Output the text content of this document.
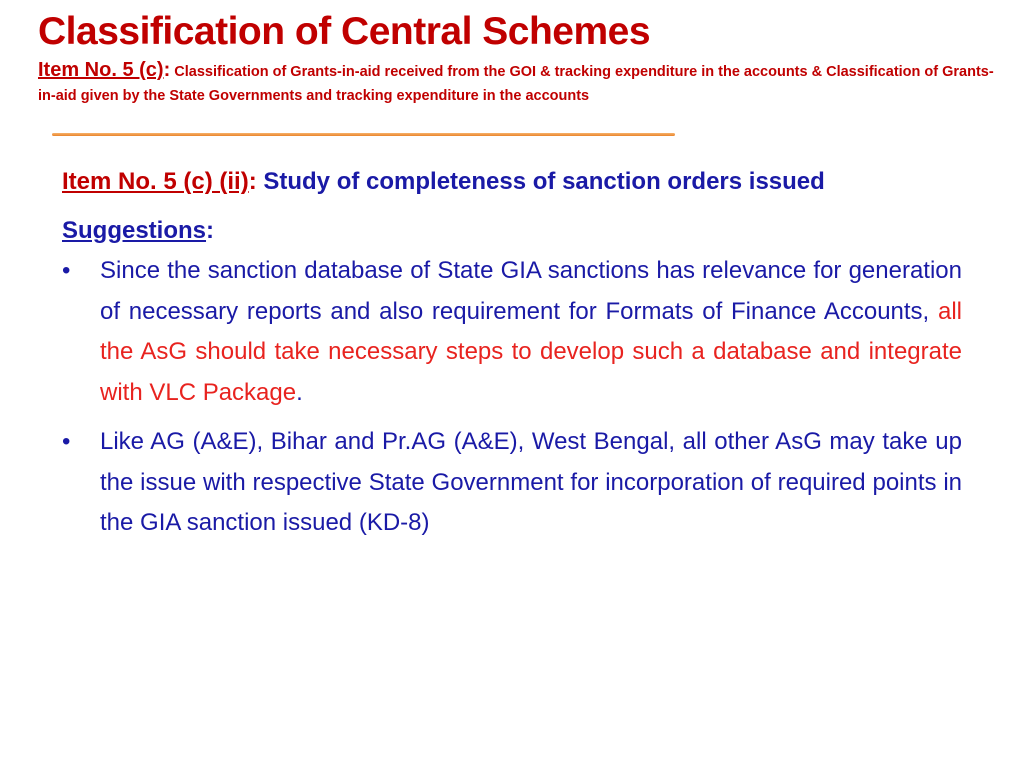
Classification of Central Schemes

Item No. 5 (c): Classification of Grants-in-aid received from the GOI & tracking expenditure in the accounts & Classification of Grants-in-aid given by the State Governments and tracking expenditure in the accounts

Item No. 5 (c) (ii): Study of completeness of sanction orders issued

Suggestions:

•	Since the sanction database of State GIA sanctions has relevance for generation of necessary reports and also requirement for Formats of Finance Accounts, all the AsG should take necessary steps to develop such a database and integrate with VLC Package.
•	Like AG (A&E), Bihar and Pr.AG (A&E), West Bengal, all other AsG may take up the issue with respective State Government for incorporation of required points in the GIA sanction issued (KD-8)
